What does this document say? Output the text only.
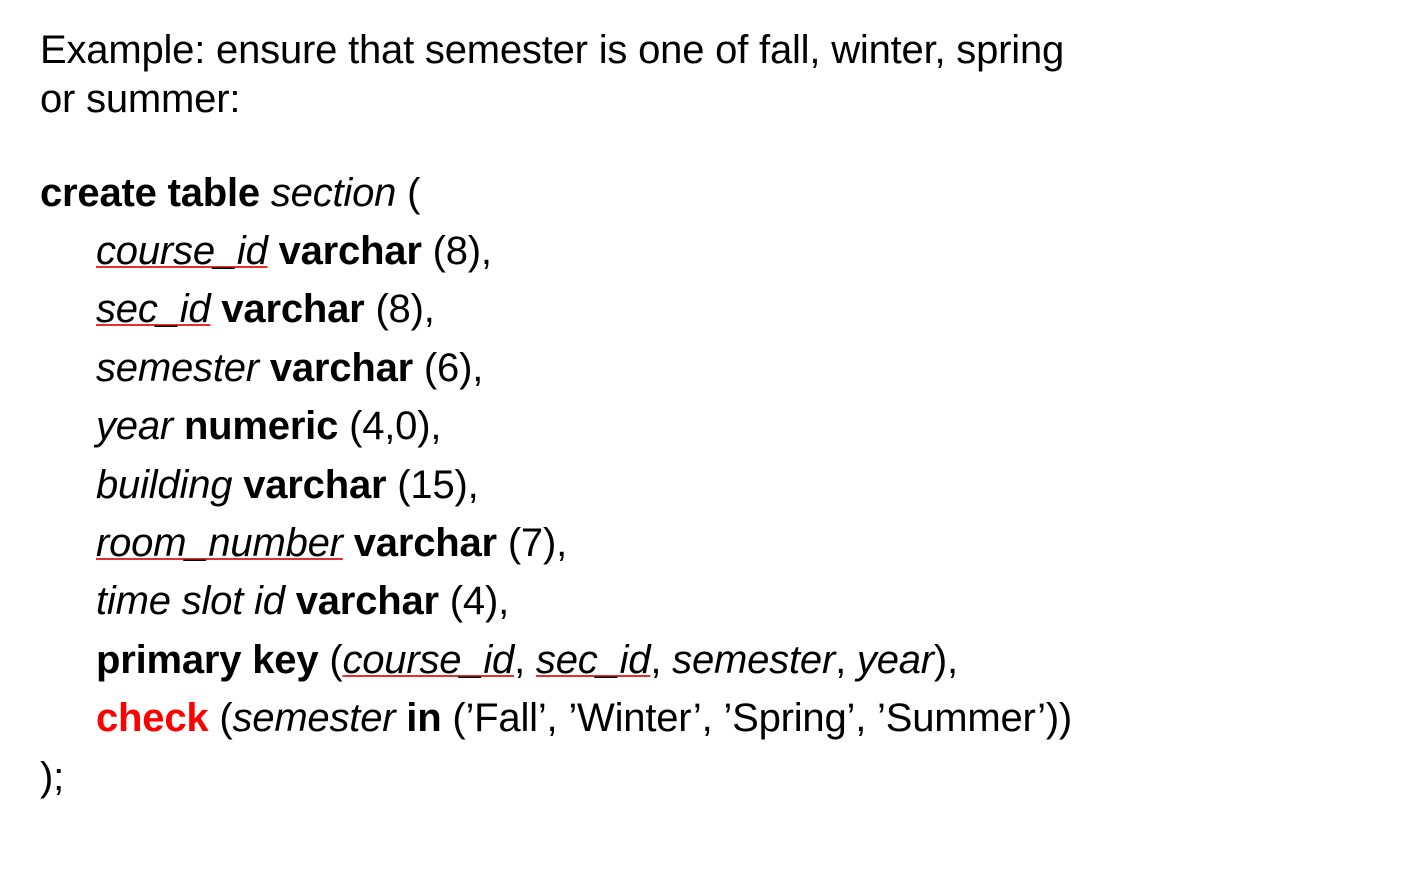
Example: ensure that semester is one of fall, winter, spring
or summer:
create table section (
course_id varchar (8),
sec_id varchar (8),
semester varchar (6),
year numeric (4,0),
building varchar (15),
room_number varchar (7),
time slot id varchar (4),
primary key (course_id, sec_id, semester, year),
check (semester in (’Fall’, ’Winter’, ’Spring’, ’Summer’))
);
